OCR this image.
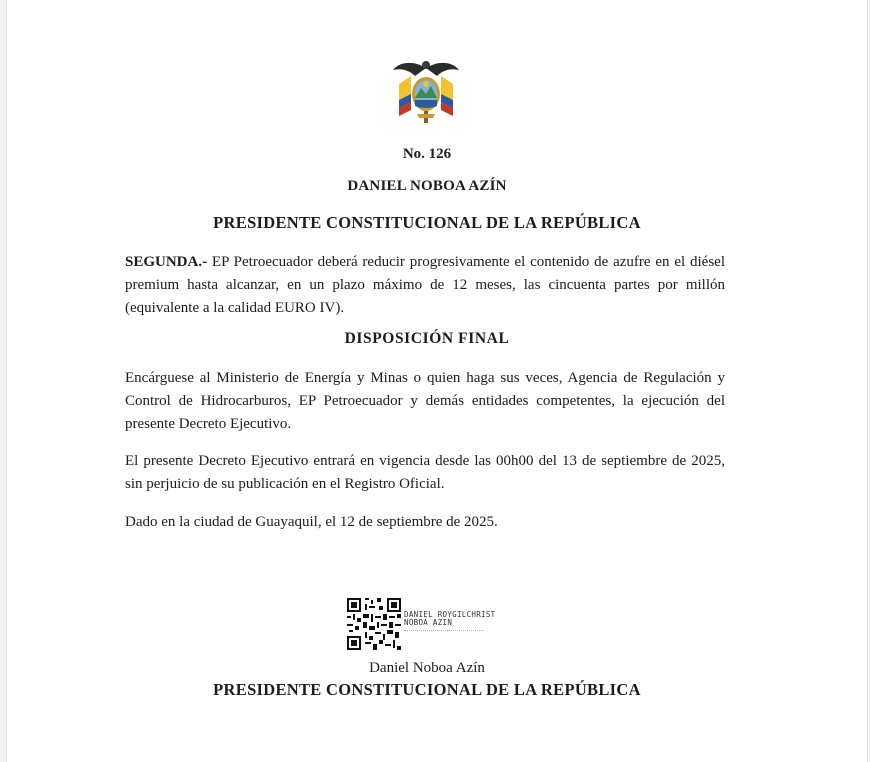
No. 126
DANIEL NOBOA AZÍN
PRESIDENTE CONSTITUCIONAL DE LA REPÚBLICA
SEGUNDA.- EP Petroecuador deberá reducir progresivamente el contenido de azufre en el diésel premium hasta alcanzar, en un plazo máximo de 12 meses, las cincuenta partes por millón (equivalente a la calidad EURO IV).
DISPOSICIÓN FINAL
Encárguese al Ministerio de Energía y Minas o quien haga sus veces, Agencia de Regulación y Control de Hidrocarburos, EP Petroecuador y demás entidades competentes, la ejecución del presente Decreto Ejecutivo.
El presente Decreto Ejecutivo entrará en vigencia desde las 00h00 del 13 de septiembre de 2025, sin perjuicio de su publicación en el Registro Oficial.
Dado en la ciudad de Guayaquil, el 12 de septiembre de 2025.
DANIEL ROYGILCHRIST
NOBOA AZIN
Daniel Noboa Azín
PRESIDENTE CONSTITUCIONAL DE LA REPÚBLICA
